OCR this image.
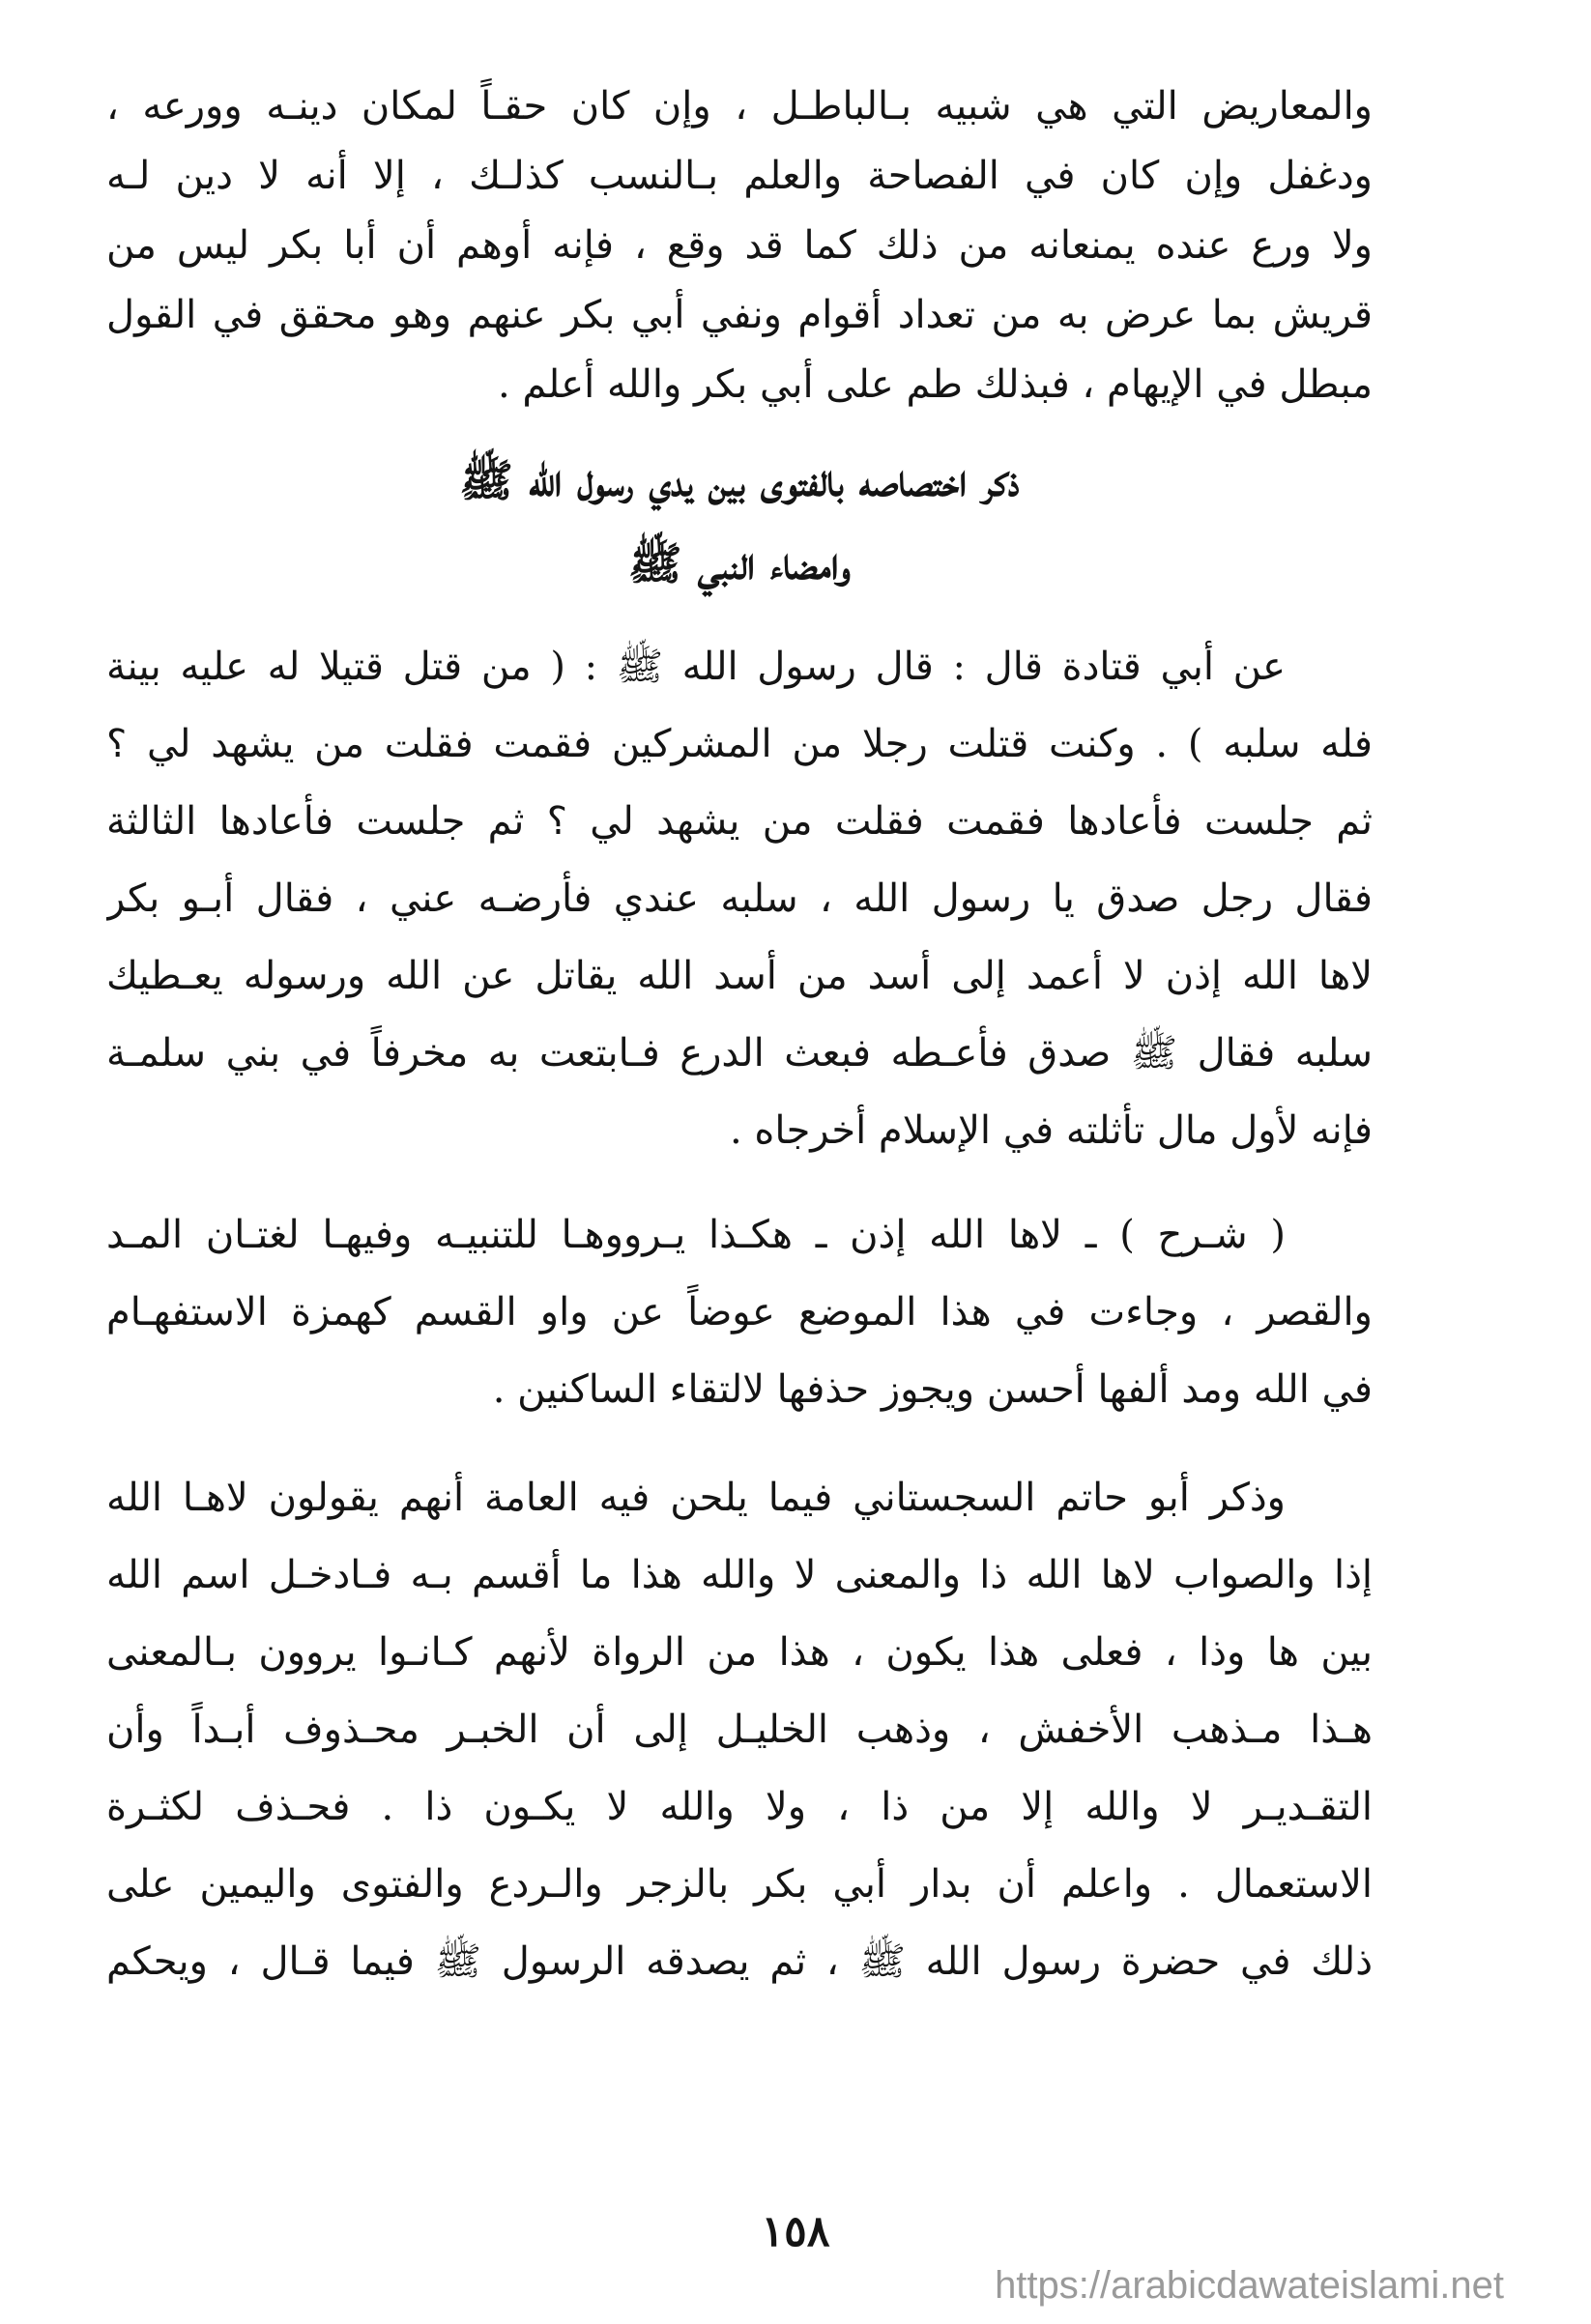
والمعاريض التي هي شبيه بـالباطـل ، وإن كان حقـاً لمكان دينـه وورعه ،
ودغفل وإن كان في الفصاحة والعلم بـالنسب كذلـك ، إلا أنه لا دين لـه
ولا ورع عنده يمنعانه من ذلك كما قد وقع ، فإنه أوهم أن أبا بكر ليس من
قريش بما عرض به من تعداد أقوام ونفي أبي بكر عنهم وهو محقق في القول
مبطل في الإيهام ، فبذلك طم على أبي بكر والله أعلم .
ذكر اختصاصه بالفتوى بين يدي رسول الله ﷺ
وامضاء النبي ﷺ
عن أبي قتادة قال : قال رسول الله ﷺ : ( من قتل قتيلا له عليه بينة
فله سلبه ) . وكنت قتلت رجلا من المشركين فقمت فقلت من يشهد لي ؟
ثم جلست فأعادها فقمت فقلت من يشهد لي ؟ ثم جلست فأعادها الثالثة
فقال رجل صدق يا رسول الله ، سلبه عندي فأرضـه عني ، فقال أبـو بكر
لاها الله إذن لا أعمد إلى أسد من أسد الله يقاتل عن الله ورسوله يعـطيك
سلبه فقال ﷺ صدق فأعـطه فبعث الدرع فـابتعت به مخرفاً في بني سلمـة
فإنه لأول مال تأثلته في الإسلام أخرجاه .
( شـرح ) ـ لاها الله إذن ـ هكـذا يـرووهـا للتنبيـه وفيهـا لغتـان المـد
والقصر ، وجاءت في هذا الموضع عوضاً عن واو القسم كهمزة الاستفهـام
في الله ومد ألفها أحسن ويجوز حذفها لالتقاء الساكنين .
وذكر أبو حاتم السجستاني فيما يلحن فيه العامة أنهم يقولون لاهـا الله
إذا والصواب لاها الله ذا والمعنى لا والله هذا ما أقسم بـه فـادخـل اسم الله
بين ها وذا ، فعلى هذا يكون ، هذا من الرواة لأنهم كـانـوا يروون بـالمعنى
هـذا مـذهب الأخفش ، وذهب الخليـل إلى أن الخبـر محـذوف أبـداً وأن
التقـديـر لا والله إلا من ذا ، ولا والله لا يكـون ذا . فحـذف لكثـرة
الاستعمال . واعلم أن بدار أبي بكر بالزجر والـردع والفتوى واليمين على
ذلك في حضرة رسول الله ﷺ ، ثم يصدقه الرسول ﷺ فيما قـال ، ويحكم
١٥٨
https://arabicdawateislami.net
